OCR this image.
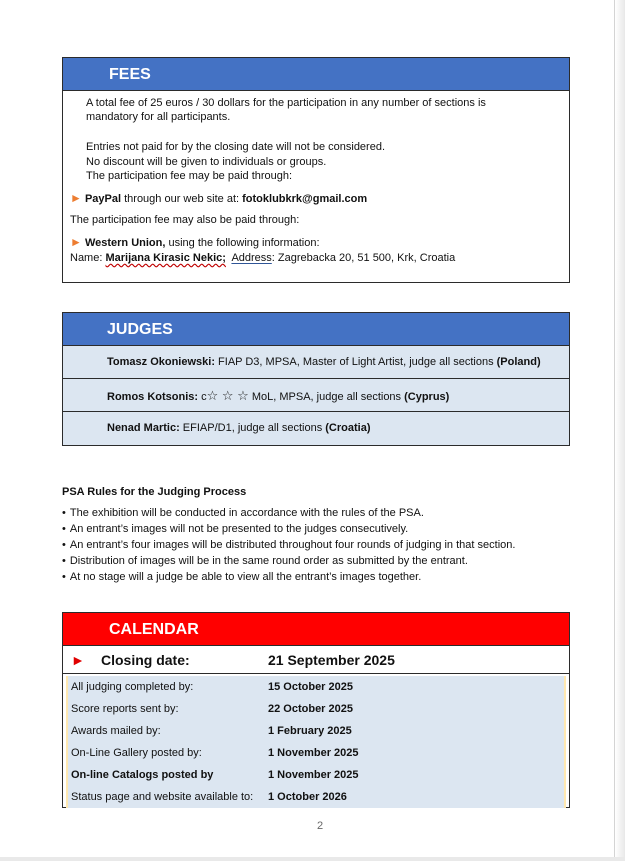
FEES

A total fee of 25 euros / 30 dollars for the participation in any number of sections is

mandatory for all participants.

Entries not paid for by the closing date will not be considered.

No discount will be given to individuals or groups.

The participation fee may be paid through:

► PayPal through our web site at: fotoklubkrk@gmail.com

The participation fee may also be paid through:

► Western Union, using the following information:

Name: Marijana Kirasic Nekic; Address: Zagrebacka 20, 51 500, Krk, Croatia

JUDGES
Tomasz Okoniewski: FIAP D3, MPSA, Master of Light Artist, judge all sections (Poland)
Romos Kotsonis: c☆ ☆ ☆ MoL, MPSA, judge all sections (Cyprus)
Nenad Martic: EFIAP/D1, judge all sections (Croatia)
PSA Rules for the Judging Process
• The exhibition will be conducted in accordance with the rules of the PSA.
• An entrant’s images will not be presented to the judges consecutively.
• An entrant’s four images will be distributed throughout four rounds of judging in that section.
• Distribution of images will be in the same round order as submitted by the entrant.
• At no stage will a judge be able to view all the entrant’s images together.
CALENDAR
► Closing date:	21 September 2025
All judging completed by:	15 October 2025
Score reports sent by:	22 October 2025
Awards mailed by:	1 February 2025
On-Line Gallery posted by:	1 November 2025
On-line Catalogs posted by	1 November 2025
Status page and website available to: 1 October 2026
2
